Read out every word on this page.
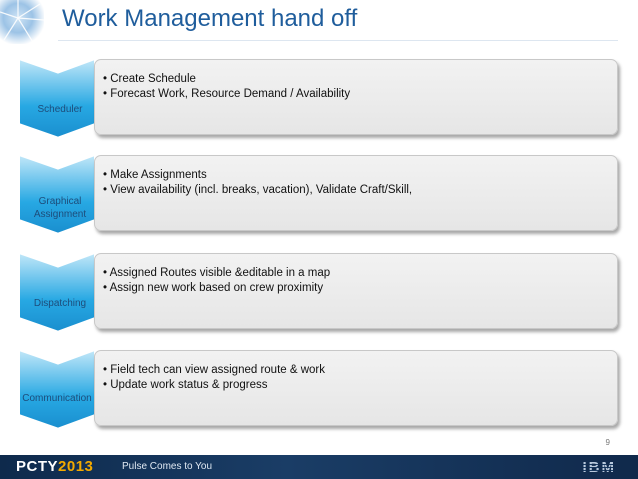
Work Management hand off
Scheduler
• Create Schedule
• Forecast Work, Resource Demand / Availability
Graphical Assignment
• Make Assignments
• View availability (incl. breaks, vacation), Validate Craft/Skill,
Dispatching
• Assigned Routes visible &editable in a map
• Assign new work based on crew proximity
Communication
• Field tech can view assigned route & work
• Update work status & progress
9
PCTY2013	Pulse Comes to You	IBM
